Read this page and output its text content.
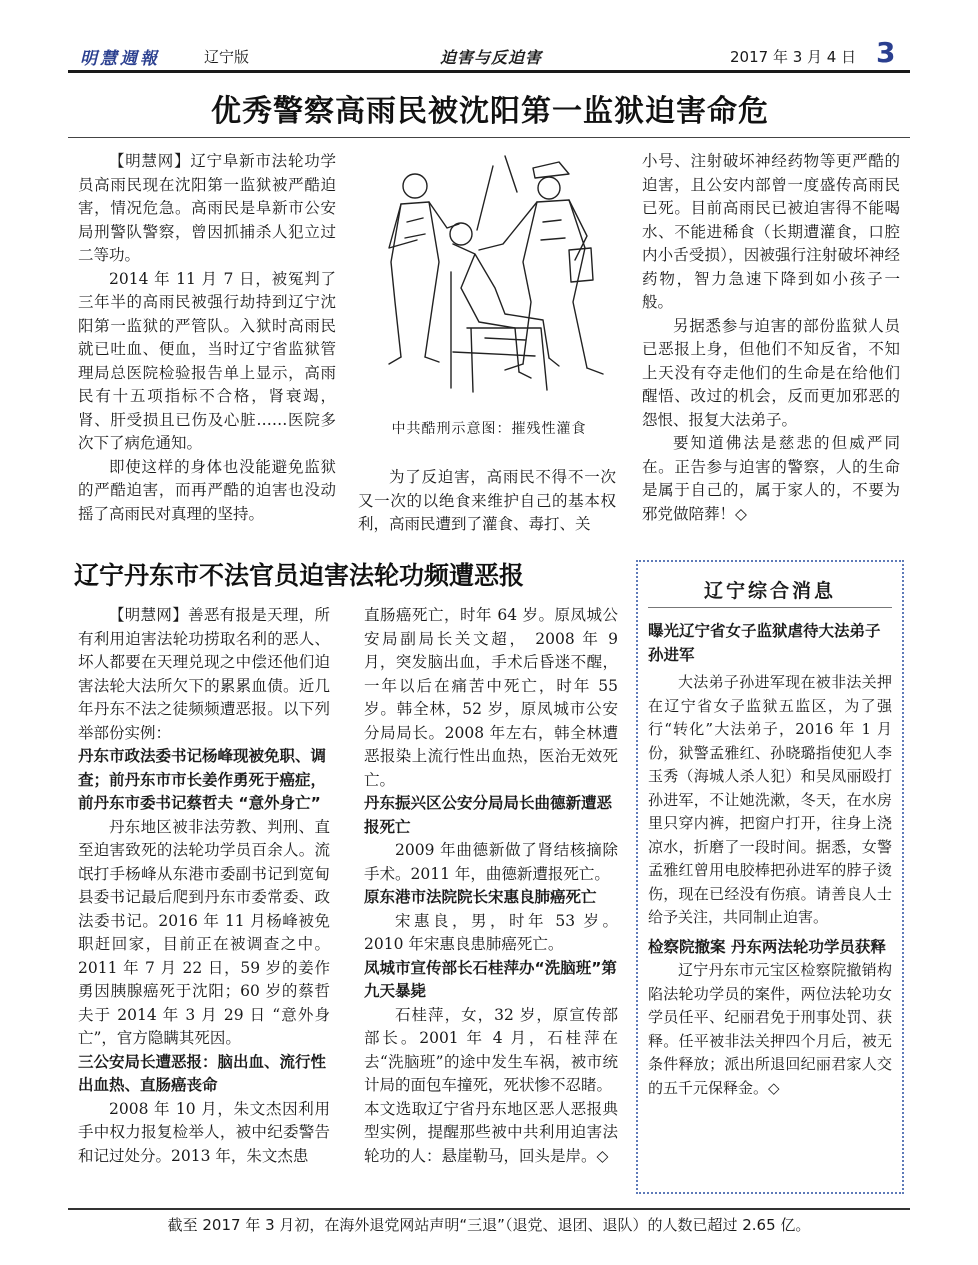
明慧週報	辽宁版	迫害与反迫害	2017 年 3 月 4 日 3
优秀警察高雨民被沈阳第一监狱迫害命危

【明慧网】辽宁阜新市法轮功学员高雨民现在沈阳第一监狱被严酷迫害，情况危急。高雨民是阜新市公安局刑警队警察，曾因抓捕杀人犯立过二等功。

2014 年 11 月 7 日，被冤判了三年半的高雨民被强行劫持到辽宁沈阳第一监狱的严管队。入狱时高雨民就已吐血、便血，当时辽宁省监狱管理局总医院检验报告单上显示，高雨民有十五项指标不合格，肾衰竭，肾、肝受损且已伤及心脏……医院多次下了病危通知。

即使这样的身体也没能避免监狱的严酷迫害，而再严酷的迫害也没动摇了高雨民对真理的坚持。

中共酷刑示意图：摧残性灌食

为了反迫害，高雨民不得不一次又一次的以绝食来维护自己的基本权利，高雨民遭到了灌食、毒打、关

小号、注射破坏神经药物等更严酷的迫害，且公安内部曾一度盛传高雨民已死。目前高雨民已被迫害得不能喝水、不能进稀食（长期遭灌食，口腔内小舌受损），因被强行注射破坏神经药物，智力急速下降到如小孩子一般。

另据悉参与迫害的部份监狱人员已恶报上身，但他们不知反省，不知上天没有夺走他们的生命是在给他们醒悟、改过的机会，反而更加邪恶的怨恨、报复大法弟子。

要知道佛法是慈悲的但威严同在。正告参与迫害的警察，人的生命是属于自己的，属于家人的，不要为邪党做陪葬！◇

辽宁丹东市不法官员迫害法轮功频遭恶报

【明慧网】善恶有报是天理，所有利用迫害法轮功捞取名利的恶人、坏人都要在天理兑现之中偿还他们迫害法轮大法所欠下的累累血债。近几年丹东不法之徒频频遭恶报。以下列举部份实例：

丹东市政法委书记杨峰现被免职、调查；前丹东市市长姜作勇死于癌症，前丹东市委书记蔡哲夫 “意外身亡”

丹东地区被非法劳教、判刑、直至迫害致死的法轮功学员百余人。流氓打手杨峰从东港市委副书记到宽甸县委书记最后爬到丹东市委常委、政法委书记。2016 年 11 月杨峰被免职赶回家，目前正在被调查之中。2011 年 7 月 22 日，59 岁的姜作勇因胰腺癌死于沈阳；60 岁的蔡哲夫于 2014 年 3 月 29 日 “意外身亡”，官方隐瞒其死因。

三公安局长遭恶报：脑出血、流行性出血热、直肠癌丧命

2008 年 10 月，朱文杰因利用手中权力报复检举人，被中纪委警告和记过处分。2013 年，朱文杰患

直肠癌死亡，时年 64 岁。原凤城公安局副局长关文超， 2008 年 9 月，突发脑出血，手术后昏迷不醒，一年以后在痛苦中死亡，时年 55 岁。韩全林，52 岁，原凤城市公安分局局长。2008 年左右，韩全林遭恶报染上流行性出血热，医治无效死亡。

丹东振兴区公安分局局长曲德新遭恶报死亡

2009 年曲德新做了肾结核摘除手术。2011 年，曲德新遭报死亡。

原东港市法院院长宋惠良肺癌死亡

宋惠良，男，时年 53 岁。2010 年宋惠良患肺癌死亡。

凤城市宣传部长石桂萍办“洗脑班”第九天暴毙

石桂萍，女，32 岁，原宣传部部长。2001 年 4 月，石桂萍在去“洗脑班”的途中发生车祸，被市统计局的面包车撞死，死状惨不忍睹。

本文选取辽宁省丹东地区恶人恶报典型实例，提醒那些被中共利用迫害法轮功的人：悬崖勒马，回头是岸。◇

辽宁综合消息

曝光辽宁省女子监狱虐待大法弟子孙进军

大法弟子孙进军现在被非法关押在辽宁省女子监狱五监区，为了强行“转化”大法弟子，2016 年 1 月份，狱警孟雅红、孙晓璐指使犯人李玉秀（海城人杀人犯）和吴凤丽殴打孙进军，不让她洗漱，冬天，在水房里只穿内裤，把窗户打开，往身上浇凉水，折磨了一段时间。据悉，女警孟雅红曾用电胶棒把孙进军的脖子烫伤，现在已经没有伤痕。请善良人士给予关注，共同制止迫害。

检察院撤案 丹东两法轮功学员获释

辽宁丹东市元宝区检察院撤销构陷法轮功学员的案件，两位法轮功女学员任平、纪丽君免于刑事处罚、获释。任平被非法关押四个月后，被无条件释放；派出所退回纪丽君家人交的五千元保释金。◇

截至 2017 年 3 月初，在海外退党网站声明“三退”（退党、退团、退队）的人数已超过 2.65 亿。
